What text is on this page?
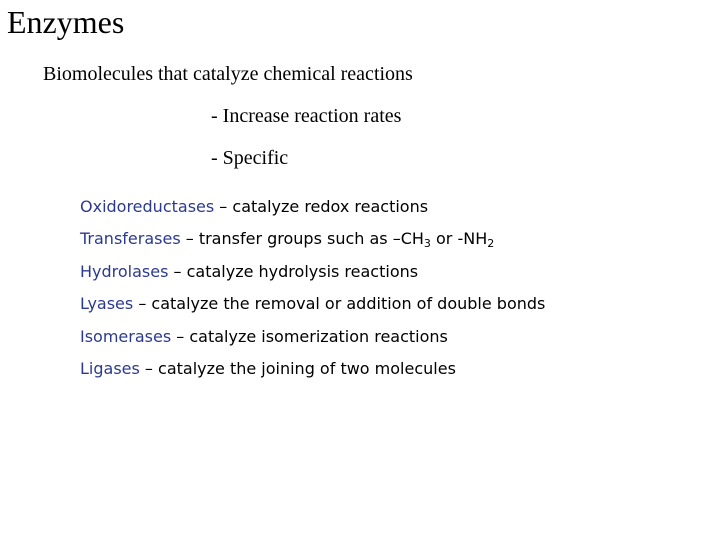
Enzymes
Biomolecules that catalyze chemical reactions
- Increase reaction rates
- Specific
Oxidoreductases – catalyze redox reactions
Transferases – transfer groups such as $-CH_3$ or $-NH_2$
Hydrolases – catalyze hydrolysis reactions
Lyases – catalyze the removal or addition of double bonds
Isomerases – catalyze isomerization reactions
Ligases – catalyze the joining of two molecules
